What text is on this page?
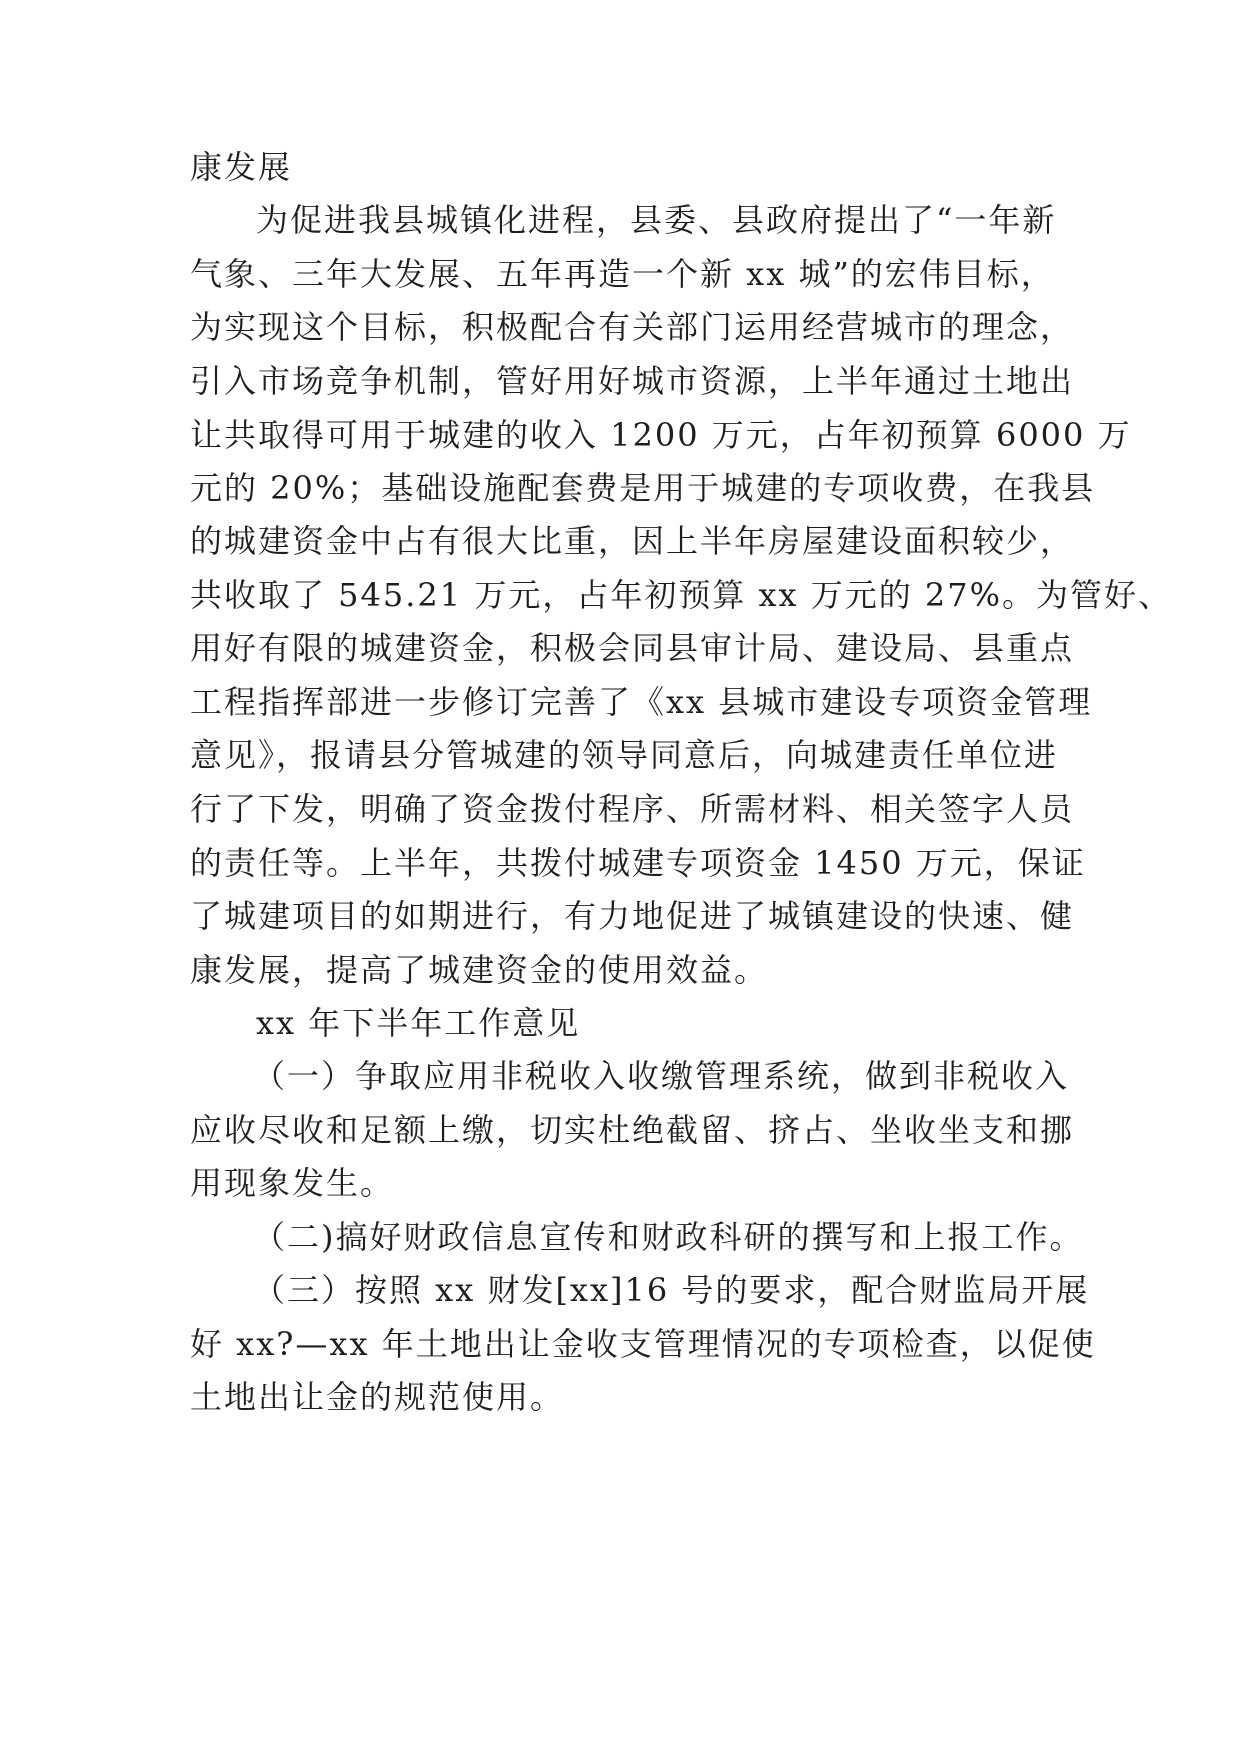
康发展
为促进我县城镇化进程，县委、县政府提出了“一年新
气象、三年大发展、五年再造一个新 xx 城”的宏伟目标，
为实现这个目标，积极配合有关部门运用经营城市的理念，
引入市场竞争机制，管好用好城市资源，上半年通过土地出
让共取得可用于城建的收入 1200 万元，占年初预算 6000 万
元的 20%；基础设施配套费是用于城建的专项收费，在我县
的城建资金中占有很大比重，因上半年房屋建设面积较少，
共收取了 545.21 万元，占年初预算 xx 万元的 27%。为管好、
用好有限的城建资金，积极会同县审计局、建设局、县重点
工程指挥部进一步修订完善了《xx 县城市建设专项资金管理
意见》，报请县分管城建的领导同意后，向城建责任单位进
行了下发，明确了资金拨付程序、所需材料、相关签字人员
的责任等。上半年，共拨付城建专项资金 1450 万元，保证
了城建项目的如期进行，有力地促进了城镇建设的快速、健
康发展，提高了城建资金的使用效益。
xx 年下半年工作意见
（一）争取应用非税收入收缴管理系统，做到非税收入
应收尽收和足额上缴，切实杜绝截留、挤占、坐收坐支和挪
用现象发生。
（二)搞好财政信息宣传和财政科研的撰写和上报工作。
（三）按照 xx 财发[xx]16 号的要求，配合财监局开展
好 xx?—xx 年土地出让金收支管理情况的专项检查，以促使
土地出让金的规范使用。
